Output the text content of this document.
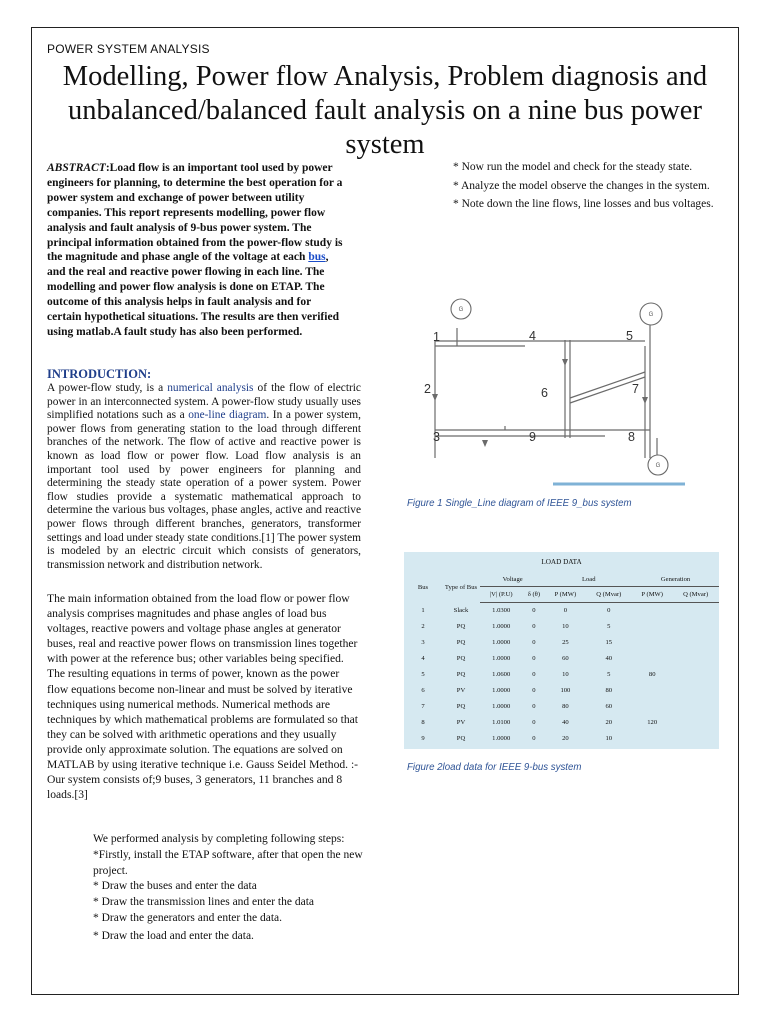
POWER SYSTEM ANALYSIS
Modelling, Power flow Analysis, Problem diagnosis and unbalanced/balanced fault analysis on a nine bus power system
ABSTRACT:Load flow is an important tool used by power engineers for planning, to determine the best operation for a power system and exchange of power between utility companies. This report represents modelling, power flow analysis and fault analysis of 9-bus power system. The principal information obtained from the power-flow study is the magnitude and phase angle of the voltage at each bus, and the real and reactive power flowing in each line. The modelling and power flow analysis is done on ETAP. The outcome of this analysis helps in fault analysis and for certain hypothetical situations. The results are then verified using matlab.A fault study has also been performed.
INTRODUCTION:
A power-flow study, is a numerical analysis of the flow of electric power in an interconnected system. A power-flow study usually uses simplified notations such as a one-line diagram. In a power system, power flows from generating station to the load through different branches of the network. The flow of active and reactive power is known as load flow or power flow. Load flow analysis is an important tool used by power engineers for planning and determining the steady state operation of a power system. Power flow studies provide a systematic mathematical approach to determine the various bus voltages, phase angles, active and reactive power flows through different branches, generators, transformer settings and load under steady state conditions.[1] The power system is modeled by an electric circuit which consists of generators, transmission network and distribution network.
The main information obtained from the load flow or power flow analysis comprises magnitudes and phase angles of load bus voltages, reactive powers and voltage phase angles at generator buses, real and reactive power flows on transmission lines together with power at the reference bus; other variables being specified. The resulting equations in terms of power, known as the power flow equations become non-linear and must be solved by iterative techniques using numerical methods. Numerical methods are techniques by which mathematical problems are formulated so that they can be solved with arithmetic operations and they usually provide only approximate solution. The equations are solved on MATLAB by using iterative technique i.e. Gauss Seidel Method. :- Our system consists of;9 buses, 3 generators, 11 branches and 8 loads.[3]
We performed analysis by completing following steps:
*Firstly, install the ETAP software, after that open the new project.
* Draw the buses and enter the data
* Draw the transmission lines and enter the data
* Draw the generators and enter the data.
* Draw the load and enter the data.
* Now run the model and check for the steady state.
* Analyze the model observe the changes in the system.
* Note down the line flows, line losses and bus voltages.
G
G
G
1
2
3
4	5
6	7
8
9
Figure 1 Single_Line diagram of IEEE 9_bus system
LOAD DATA							
Bus	Type of Bus	Voltage		Load		Generation	
		|V| (P.U)	δ (θ)	P (MW)	Q (Mvar)	P (MW)	Q (Mvar)
1	Slack	1.0300	0	0	0		
2	PQ	1.0000	0	10	5		
3	PQ	1.0000	0	25	15		
4	PQ	1.0000	0	60	40		
5	PQ	1.0600	0	10	5	80	
6	PV	1.0000	0	100	80		
7	PQ	1.0000	0	80	60		
8	PV	1.0100	0	40	20	120	
9	PQ	1.0000	0	20	10		
Figure 2load data for IEEE 9-bus system
